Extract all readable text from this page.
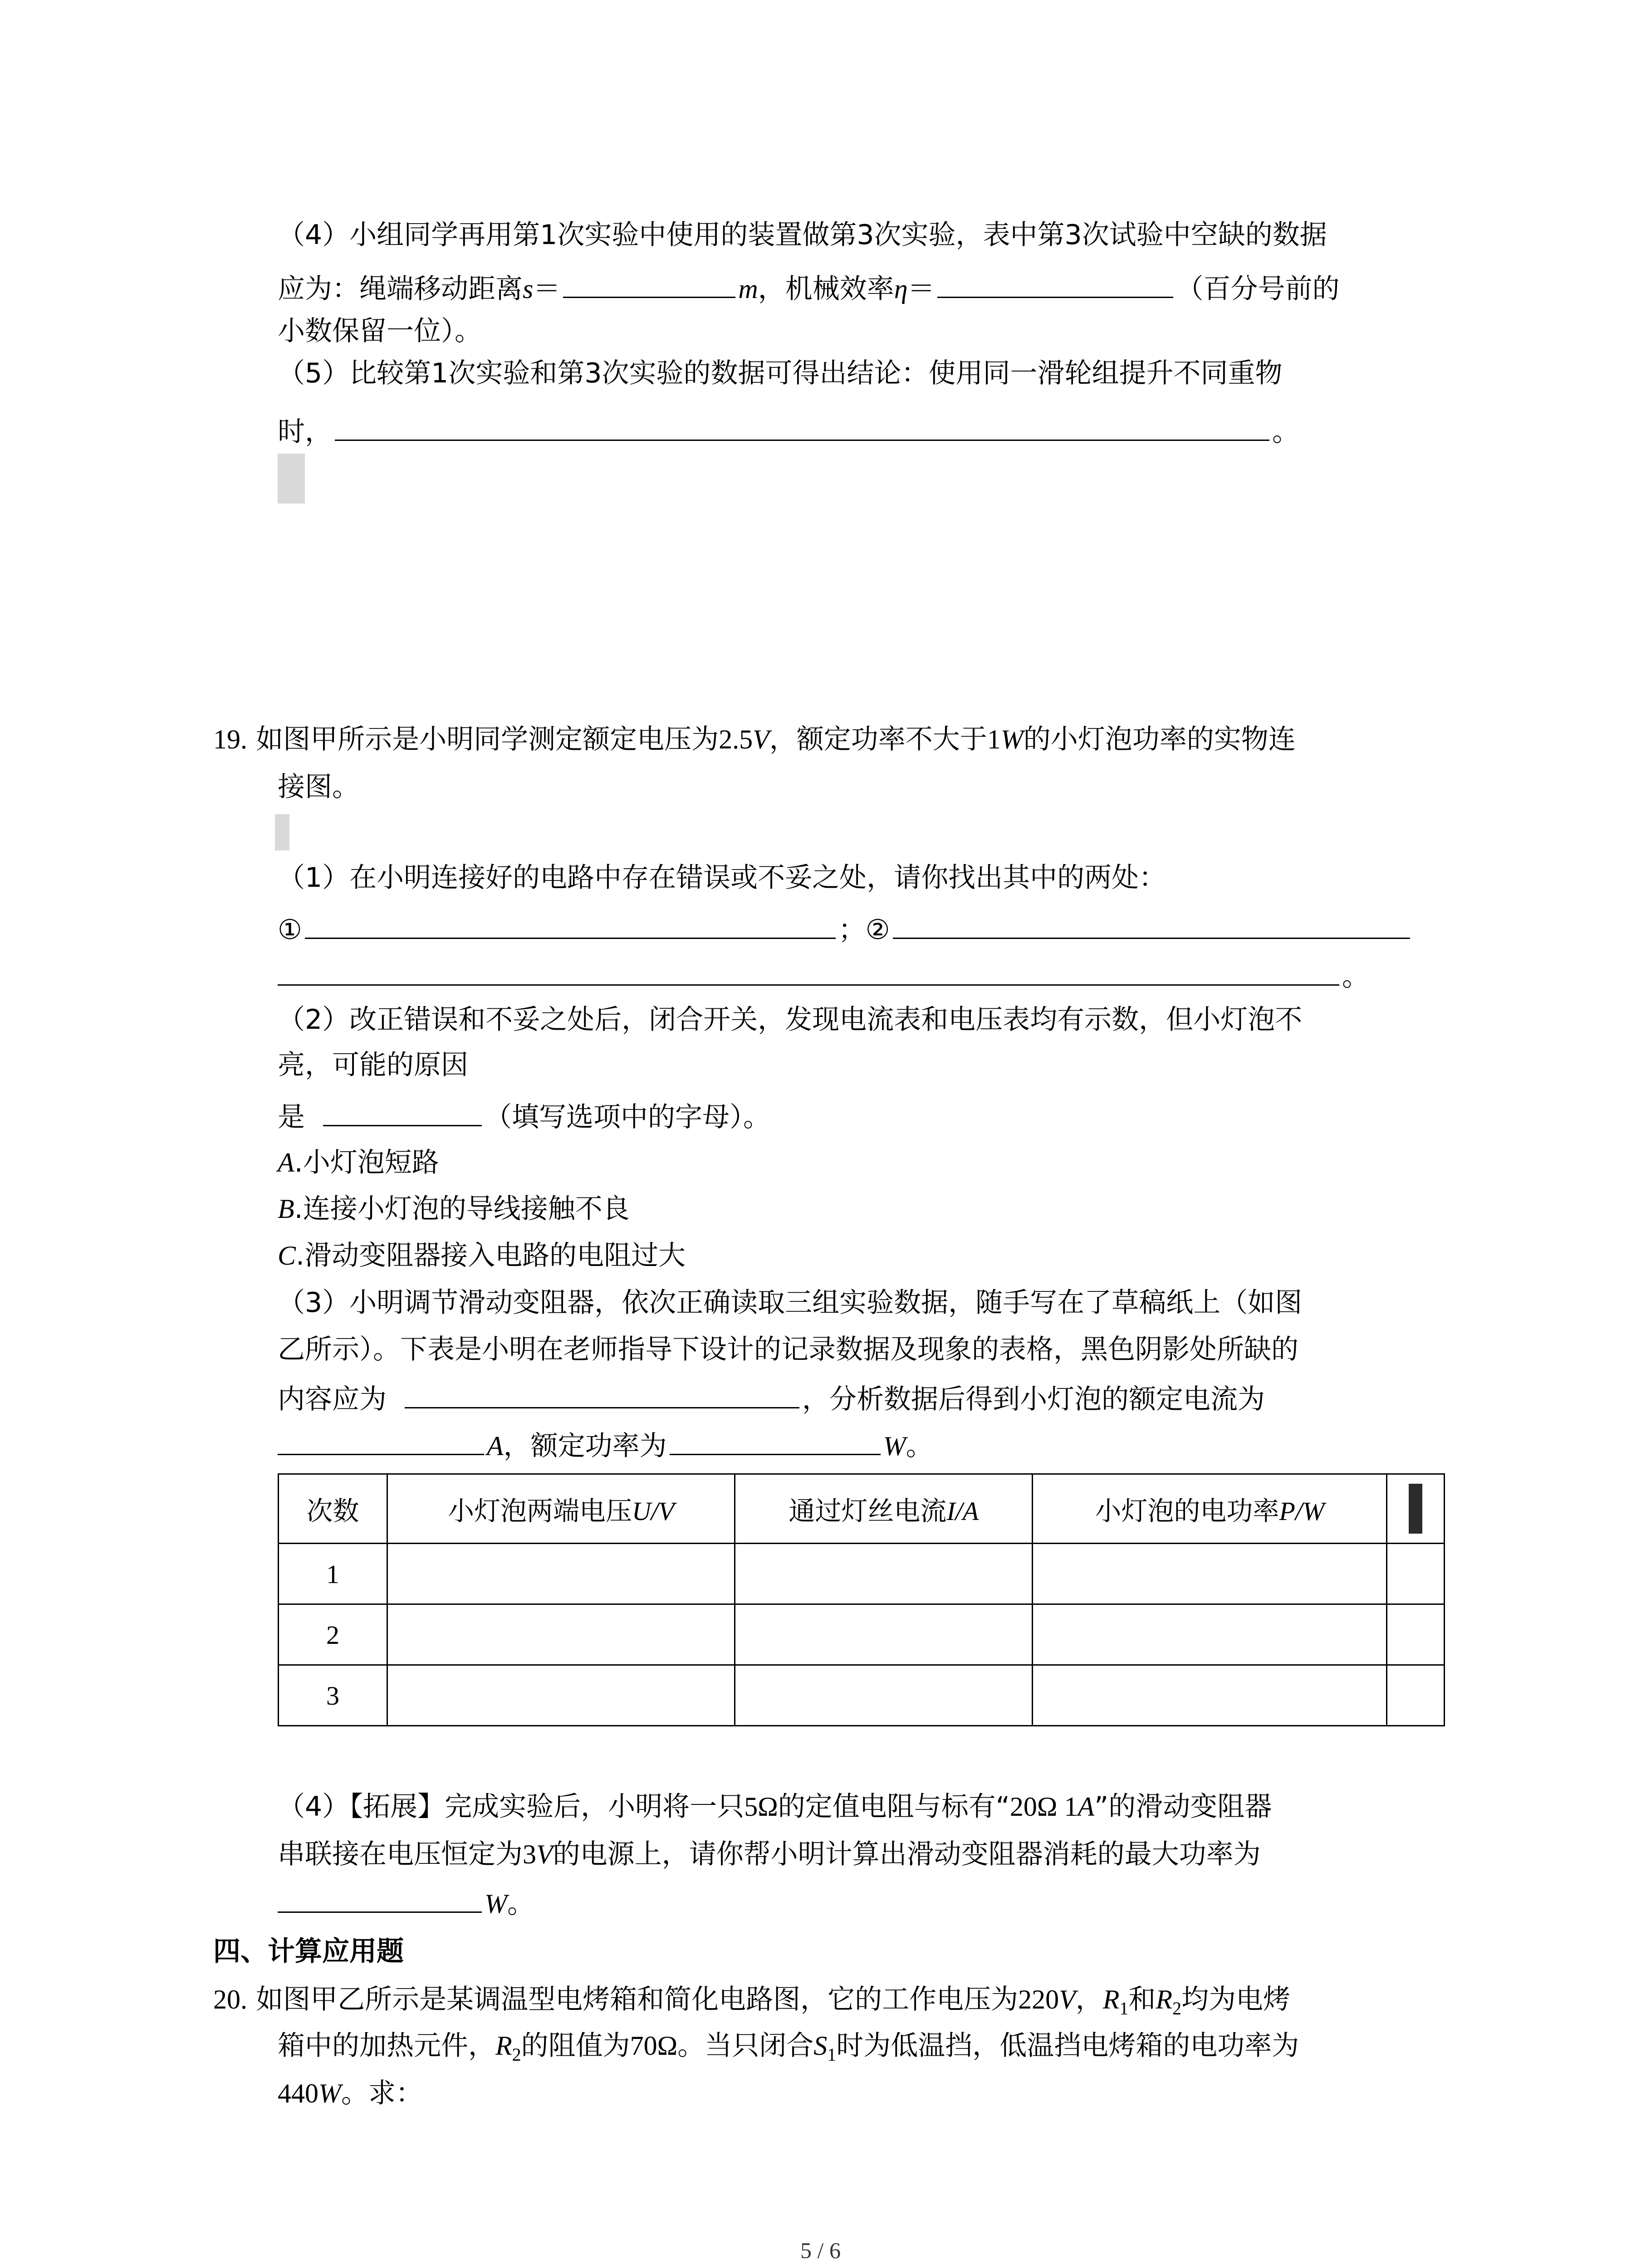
（4）小组同学再用第1次实验中使用的装置做第3次实验，表中第3次试验中空缺的数据
应为：绳端移动距离s＝	m，机械效率η＝	（百分号前的
小数保留一位）。
（5）比较第1次实验和第3次实验的数据可得出结论：使用同一滑轮组提升不同重物
时，	。
19. 如图甲所示是小明同学测定额定电压为2.5V，额定功率不大于1W的小灯泡功率的实物连
接图。
（1）在小明连接好的电路中存在错误或不妥之处，请你找出其中的两处：
①	；②
。
（2）改正错误和不妥之处后，闭合开关，发现电流表和电压表均有示数，但小灯泡不
亮，可能的原因
是	（填写选项中的字母）。
A.小灯泡短路
B.连接小灯泡的导线接触不良
C.滑动变阻器接入电路的电阻过大
（3）小明调节滑动变阻器，依次正确读取三组实验数据，随手写在了草稿纸上（如图
乙所示）。下表是小明在老师指导下设计的记录数据及现象的表格，黑色阴影处所缺的
内容应为	，分析数据后得到小灯泡的额定电流为
A，额定功率为	W。
次数	小灯泡两端电压U/V	通过灯丝电流I/A	小灯泡的电功率P/W	
1				
2				
3				
（4）【拓展】完成实验后，小明将一只5Ω的定值电阻与标有“20Ω 1A”的滑动变阻器
串联接在电压恒定为3V的电源上，请你帮小明计算出滑动变阻器消耗的最大功率为
W。
四、计算应用题
20. 如图甲乙所示是某调温型电烤箱和简化电路图，它的工作电压为220V，$R_1$和$R_2$均为电烤
箱中的加热元件，$R_2$的阻值为70Ω。当只闭合$S_1$时为低温挡，低温挡电烤箱的电功率为
440W。求：
5 / 6
